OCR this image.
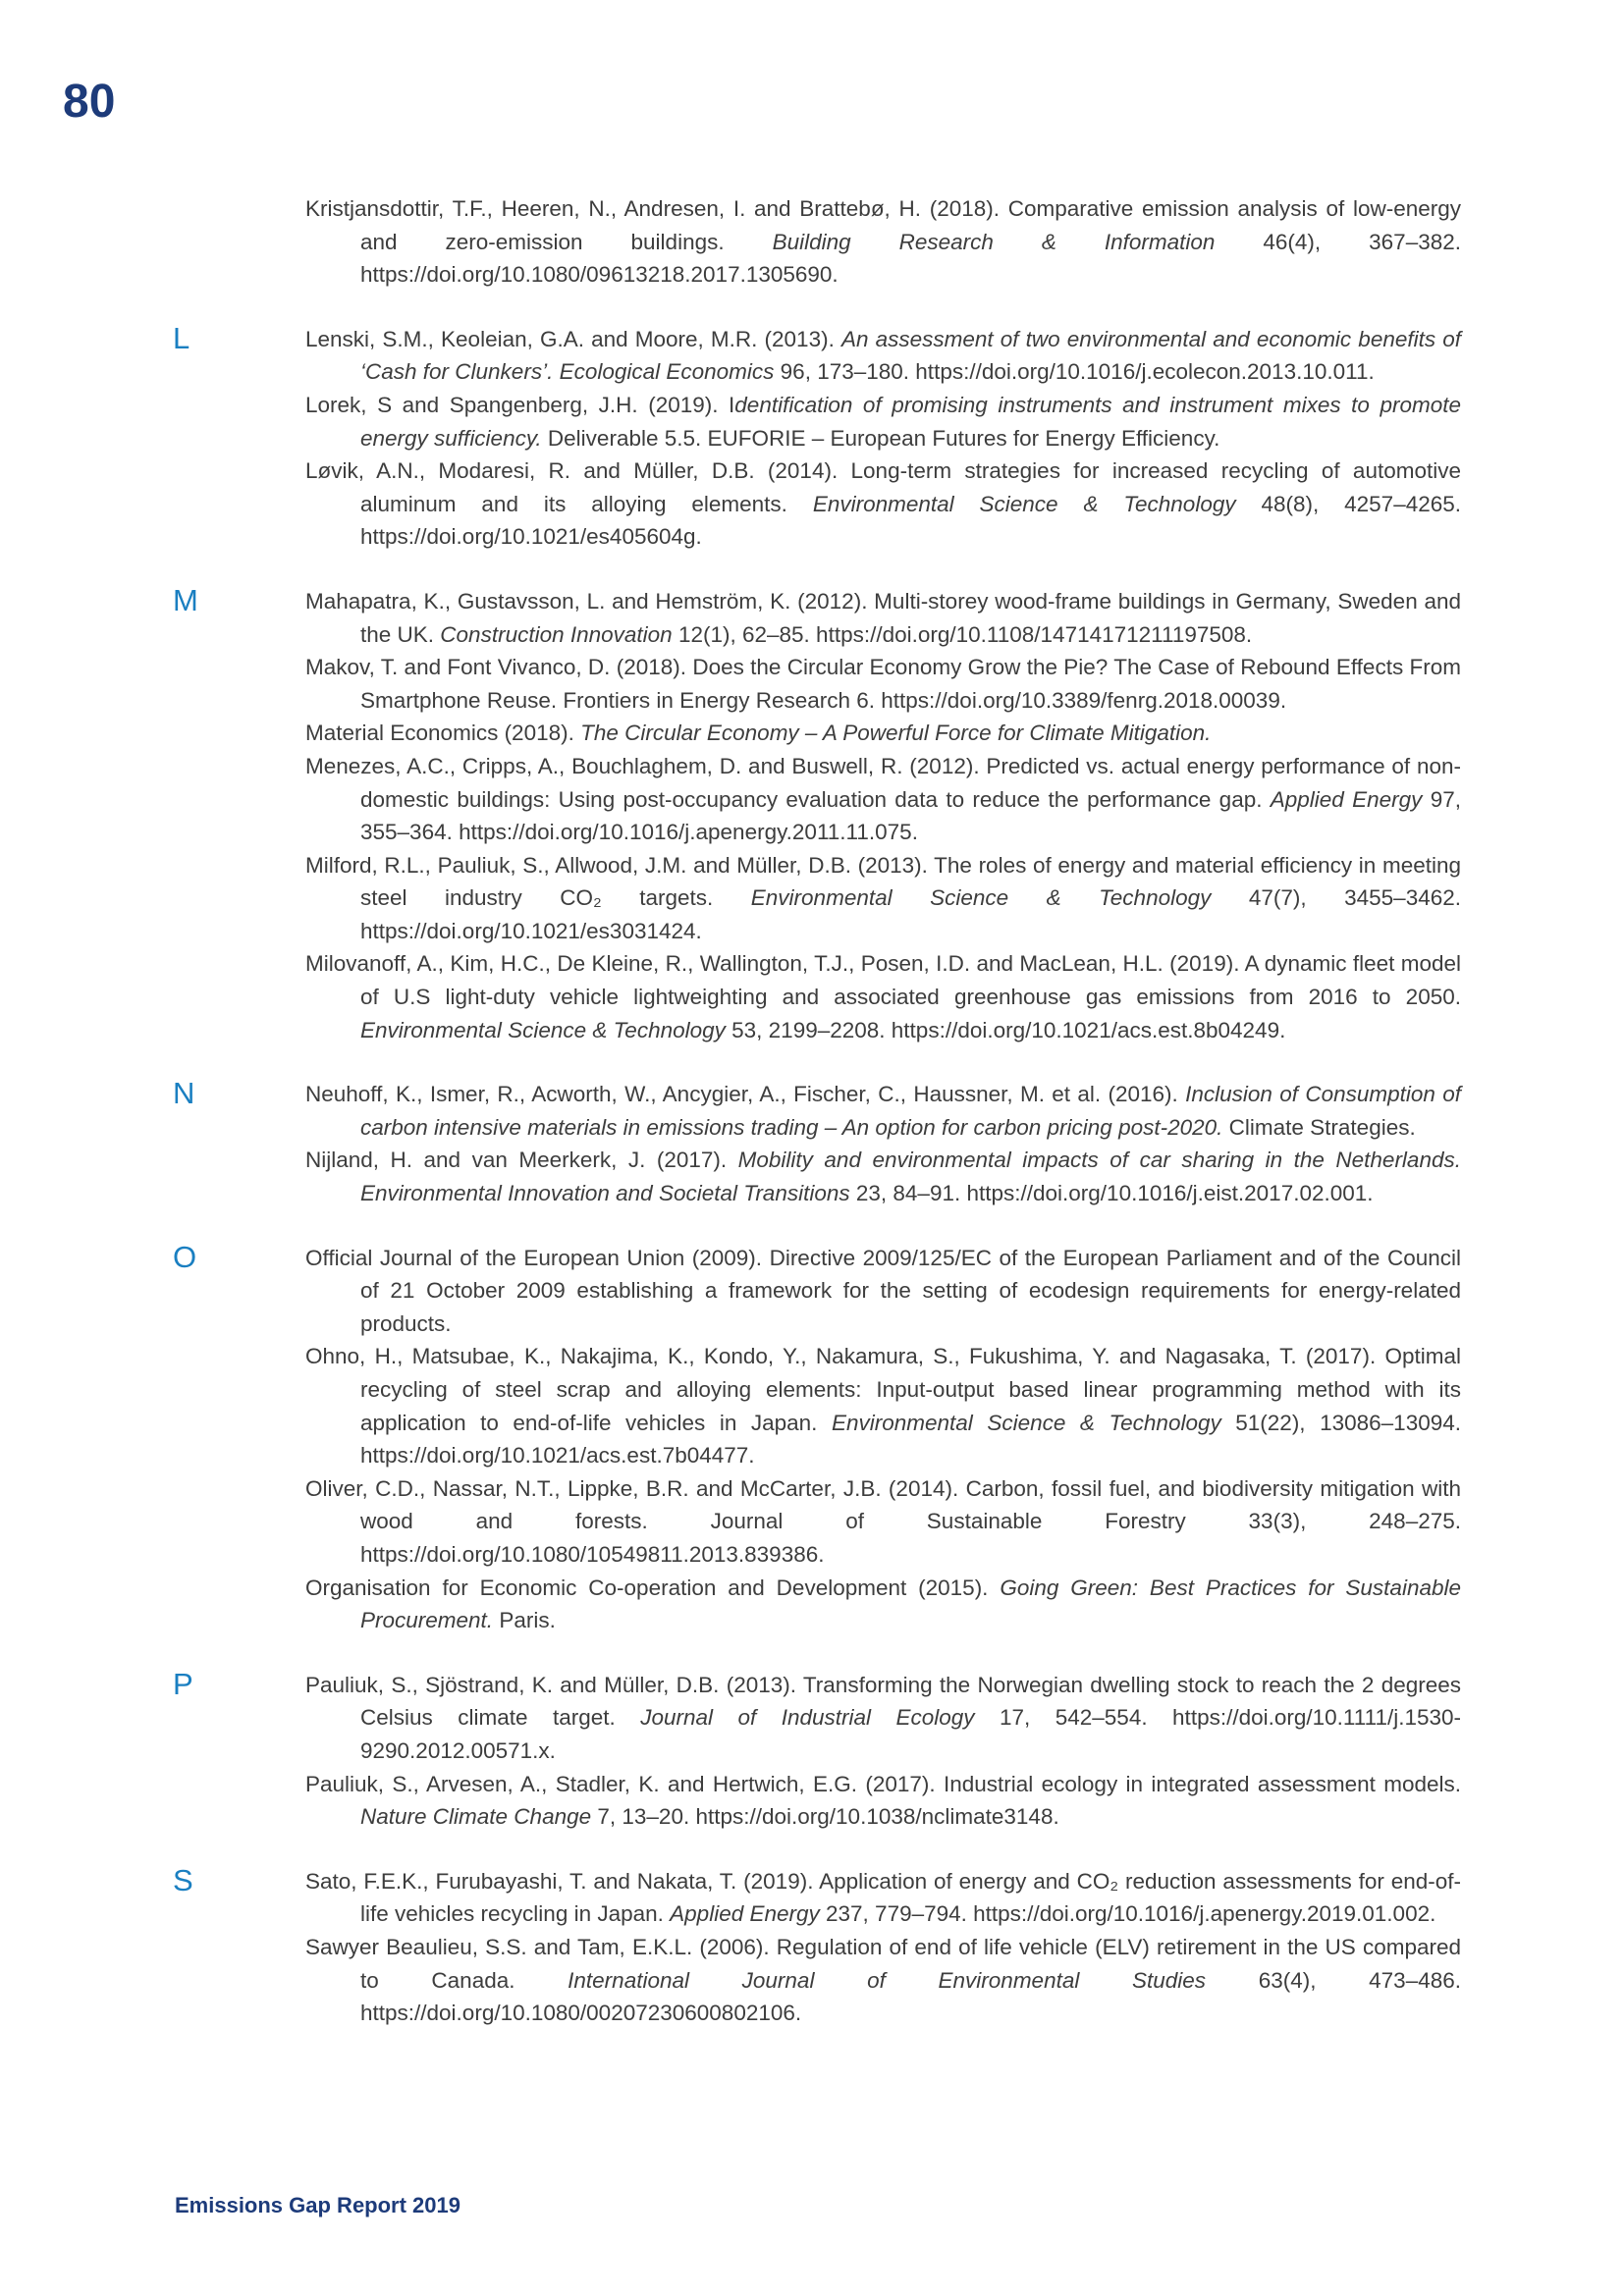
80
Kristjansdottir, T.F., Heeren, N., Andresen, I. and Brattebø, H. (2018). Comparative emission analysis of low-energy and zero-emission buildings. Building Research & Information 46(4), 367–382. https://doi.org/10.1080/09613218.2017.1305690.
L	Lenski, S.M., Keoleian, G.A. and Moore, M.R. (2013). An assessment of two environmental and economic benefits of ‘Cash for Clunkers’. Ecological Economics 96, 173–180. https://doi.org/10.1016/j.ecolecon.2013.10.011.
Lorek, S and Spangenberg, J.H. (2019). Identification of promising instruments and instrument mixes to promote energy sufficiency. Deliverable 5.5. EUFORIE – European Futures for Energy Efficiency.
Løvik, A.N., Modaresi, R. and Müller, D.B. (2014). Long-term strategies for increased recycling of automotive aluminum and its alloying elements. Environmental Science & Technology 48(8), 4257–4265. https://doi.org/10.1021/es405604g.
M	Mahapatra, K., Gustavsson, L. and Hemström, K. (2012). Multi-storey wood-frame buildings in Germany, Sweden and the UK. Construction Innovation 12(1), 62–85. https://doi.org/10.1108/14714171211197508.
Makov, T. and Font Vivanco, D. (2018). Does the Circular Economy Grow the Pie? The Case of Rebound Effects From Smartphone Reuse. Frontiers in Energy Research 6. https://doi.org/10.3389/fenrg.2018.00039.
Material Economics (2018). The Circular Economy – A Powerful Force for Climate Mitigation.
Menezes, A.C., Cripps, A., Bouchlaghem, D. and Buswell, R. (2012). Predicted vs. actual energy performance of non-domestic buildings: Using post-occupancy evaluation data to reduce the performance gap. Applied Energy 97, 355–364. https://doi.org/10.1016/j.apenergy.2011.11.075.
Milford, R.L., Pauliuk, S., Allwood, J.M. and Müller, D.B. (2013). The roles of energy and material efficiency in meeting steel industry CO₂ targets. Environmental Science & Technology 47(7), 3455–3462. https://doi.org/10.1021/es3031424.
Milovanoff, A., Kim, H.C., De Kleine, R., Wallington, T.J., Posen, I.D. and MacLean, H.L. (2019). A dynamic fleet model of U.S light-duty vehicle lightweighting and associated greenhouse gas emissions from 2016 to 2050. Environmental Science & Technology 53, 2199–2208. https://doi.org/10.1021/acs.est.8b04249.
N	Neuhoff, K., Ismer, R., Acworth, W., Ancygier, A., Fischer, C., Haussner, M. et al. (2016). Inclusion of Consumption of carbon intensive materials in emissions trading – An option for carbon pricing post-2020. Climate Strategies.
Nijland, H. and van Meerkerk, J. (2017). Mobility and environmental impacts of car sharing in the Netherlands. Environmental Innovation and Societal Transitions 23, 84–91. https://doi.org/10.1016/j.eist.2017.02.001.
O	Official Journal of the European Union (2009). Directive 2009/125/EC of the European Parliament and of the Council of 21 October 2009 establishing a framework for the setting of ecodesign requirements for energy-related products.
Ohno, H., Matsubae, K., Nakajima, K., Kondo, Y., Nakamura, S., Fukushima, Y. and Nagasaka, T. (2017). Optimal recycling of steel scrap and alloying elements: Input-output based linear programming method with its application to end-of-life vehicles in Japan. Environmental Science & Technology 51(22), 13086–13094. https://doi.org/10.1021/acs.est.7b04477.
Oliver, C.D., Nassar, N.T., Lippke, B.R. and McCarter, J.B. (2014). Carbon, fossil fuel, and biodiversity mitigation with wood and forests. Journal of Sustainable Forestry 33(3), 248–275. https://doi.org/10.1080/10549811.2013.839386.
Organisation for Economic Co-operation and Development (2015). Going Green: Best Practices for Sustainable Procurement. Paris.
P	Pauliuk, S., Sjöstrand, K. and Müller, D.B. (2013). Transforming the Norwegian dwelling stock to reach the 2 degrees Celsius climate target. Journal of Industrial Ecology 17, 542–554. https://doi.org/10.1111/j.1530-9290.2012.00571.x.
Pauliuk, S., Arvesen, A., Stadler, K. and Hertwich, E.G. (2017). Industrial ecology in integrated assessment models. Nature Climate Change 7, 13–20. https://doi.org/10.1038/nclimate3148.
S	Sato, F.E.K., Furubayashi, T. and Nakata, T. (2019). Application of energy and CO₂ reduction assessments for end-of-life vehicles recycling in Japan. Applied Energy 237, 779–794. https://doi.org/10.1016/j.apenergy.2019.01.002.
Sawyer Beaulieu, S.S. and Tam, E.K.L. (2006). Regulation of end of life vehicle (ELV) retirement in the US compared to Canada. International Journal of Environmental Studies 63(4), 473–486. https://doi.org/10.1080/00207230600802106.
Emissions Gap Report 2019
